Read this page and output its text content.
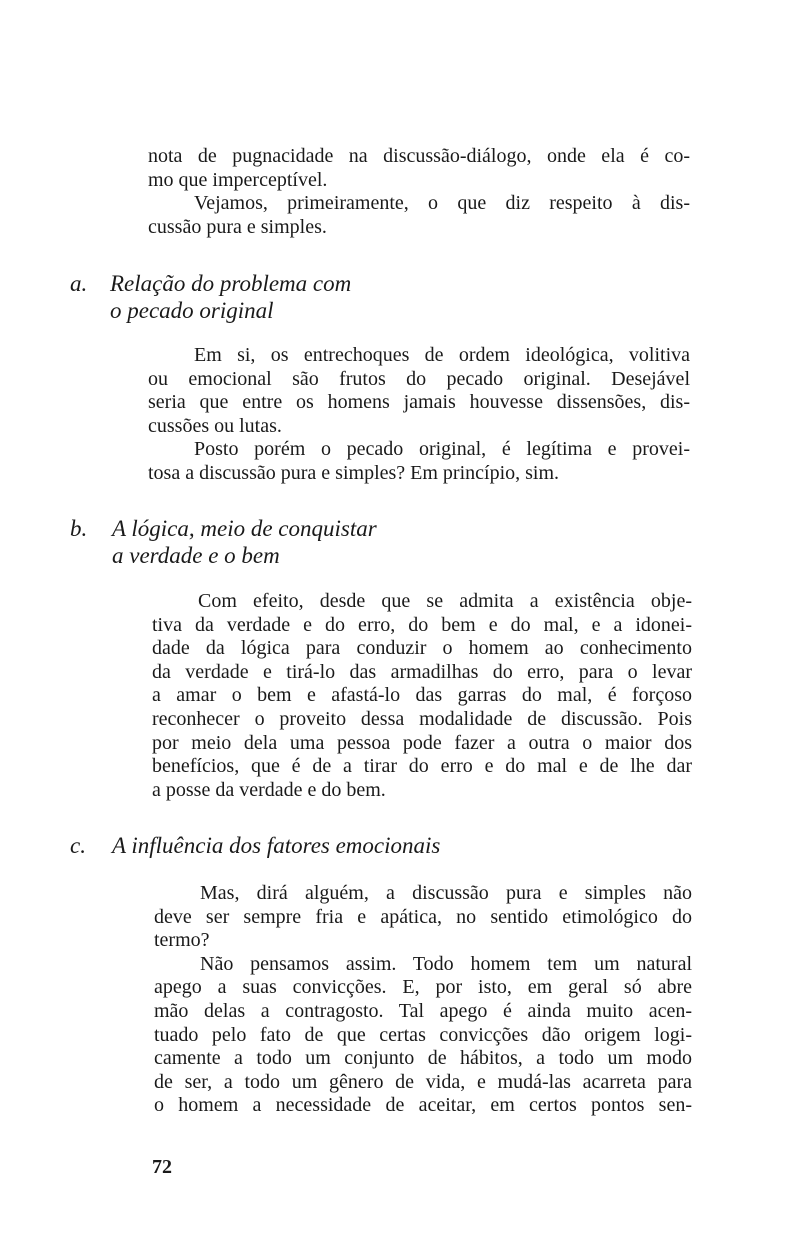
nota de pugnacidade na discussão-diálogo, onde ela é co-
mo que imperceptível.
Vejamos, primeiramente, o que diz respeito à dis-
cussão pura e simples.
a. Relação do problema com
o pecado original
Em si, os entrechoques de ordem ideológica, volitiva
ou emocional são frutos do pecado original. Desejável
seria que entre os homens jamais houvesse dissensões, dis-
cussões ou lutas.
Posto porém o pecado original, é legítima e provei-
tosa a discussão pura e simples? Em princípio, sim.
b.	A lógica, meio de conquistar
a verdade e o bem
Com efeito, desde que se admita a existência obje-
tiva da verdade e do erro, do bem e do mal, e a idonei-
dade da lógica para conduzir o homem ao conhecimento
da verdade e tirá-lo das armadilhas do erro, para o levar
a amar o bem e afastá-lo das garras do mal, é forçoso
reconhecer o proveito dessa modalidade de discussão. Pois
por meio dela uma pessoa pode fazer a outra o maior dos
benefícios, que é de a tirar do erro e do mal e de lhe dar
a posse da verdade e do bem.
c.	A influência dos fatores emocionais
Mas, dirá alguém, a discussão pura e simples não
deve ser sempre fria e apática, no sentido etimológico do
termo?
Não pensamos assim. Todo homem tem um natural
apego a suas convicções. E, por isto, em geral só abre
mão delas a contragosto. Tal apego é ainda muito acen-
tuado pelo fato de que certas convicções dão origem logi-
camente a todo um conjunto de hábitos, a todo um modo
de ser, a todo um gênero de vida, e mudá-las acarreta para
o homem a necessidade de aceitar, em certos pontos sen-
72
